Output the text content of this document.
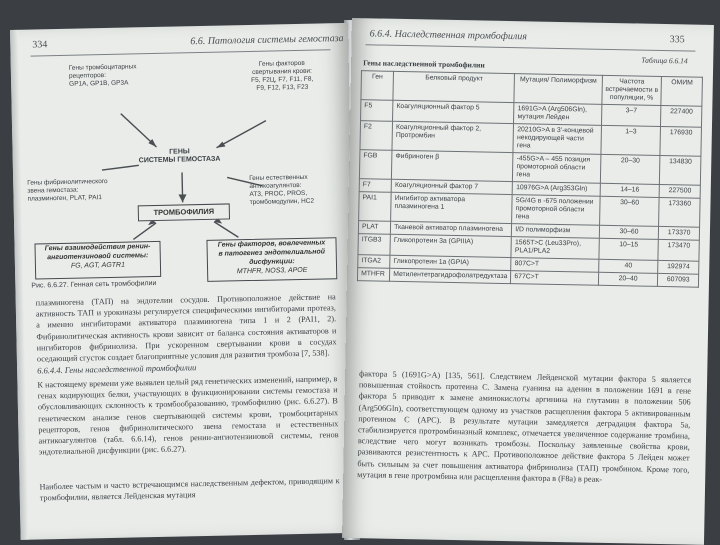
334	6.6. Патология системы гемостаза
Гены тромбоцитарных
рецепторов:
GP1A, GP1B, GP3A
Гены факторов
свертывания крови:
F5, F2Ц, F7, F11, F8,
F9, F12, F13, F23
ГЕНЫ
СИСТЕМЫ ГЕМОСТАЗА
Гены фибринолитического
звена гемостаза:
плазминоген, PLAT, PAI1
Гены естественных
антикоагулянтов:
AT3, PROC, PROS,
тромбомодулин, HC2
ТРОМБОФИЛИЯ
Гены взаимодействия ренин-
ангиотензиновой системы:
FG, AGT, AGTR1
Гены факторов, вовлеченных
в патогенез эндотелиальной
дисфункции:
MTHFR, NOS3, APOE
Рис. 6.6.27. Генная сеть тромбофилии
плазминогена (ТАП) на эндотелии сосудов. Противоположное действие на активность ТАП и урокиназы регулируется специфическими ингибиторами протеаз, а именно ингибиторами активатора плазминогена типа 1 и 2 (PAI1, 2). Фибринолитическая активность крови зависит от баланса состояния активаторов и ингибиторов фибринолиза. При ускоренном свертывании крови в сосудах оседающий сгусток создает благоприятные условия для развития тромбоза [7, 538].
6.6.4.4. Гены наследственной тромбофилии
К настоящему времени уже выявлен целый ряд генетических изменений, например, в генах кодирующих белки, участвующих в функционировании системы гемостаза и обусловливающих склонность к тромбообразованию, тромбофилию (рис. 6.6.27). В генетическом анализе генов свертывающей системы крови, тромбоцитарных рецепторов, генов фибринолитического звена гемостаза и естественных антикоагулянтов (табл. 6.6.14), генов ренин-ангиотензиновой системы, генов эндотелиальной дисфункции (рис. 6.6.27).
Наиболее частым и часто встречающимся наследственным дефектом, приводящим к тромбофилии, является Лейденская мутация
6.6.4. Наследственная тромбофилия	335
Таблица 6.6.14
Гены наследственной тромбофилии
Ген	Белковый продукт	Мутация/ Полиморфизм	Частота встречаемости в популяции, %	ОМИМ
F5	Коагуляционный фактор 5	1691G>A (Arg506Gln), мутация Лейден	3–7	227400
F2	Коагуляционный фактор 2, Протромбин	20210G>A в 3'-концевой некодирующей части гена	1–3	176930
FGB	Фибриноген β	-455G>A – 455 позиция промоторной области гена	20–30	134830
F7	Коагуляционный фактор 7	10976G>A (Arg353Gln)	14–16	227500
PAI1	Ингибитор активатора плазминогена 1	5G/4G в -675 положении промоторной области гена	30–60	173360
PLAT	Тканевой активатор плазминогена	I/D полиморфизм	30–60	173370
ITGB3	Гликопротеин 3а (GPIIIA)	1565T>C (Leu33Pro), PLA1/PLA2	10–15	173470
ITGA2	Гликопротеин 1а (GPIA)	807C>T	40	192974
MTHFR	Метилентетрагидрофолатредуктаза	677C>T	20–40	607093
фактора 5 (1691G>A) [135, 561]. Следствием Лейденской мутации фактора 5 является повышенная стойкость протеина С. Замена гуанина на аденин в положении 1691 в гене фактора 5 приводит к замене аминокислоты аргинина на глутамин в положении 506 (Arg506Gln), соответствующем одному из участков расщепления фактора 5 активированным протеином С (АРС). В результате мутации замедляется деградация фактора 5а, стабилизируется протромбиназный комплекс, отмечается увеличенное содержание тромбина, вследствие чего могут возникать тромбозы. Поскольку заявленные свойства крови, развиваются резистентность к АРС. Противоположное действие фактора 5 Лейден может быть сильным за счет повышения активатора фибринолиза (ТАП) тромбином. Кроме того, мутация в гене протромбина или расщепления фактора в (F8a) в реак-
